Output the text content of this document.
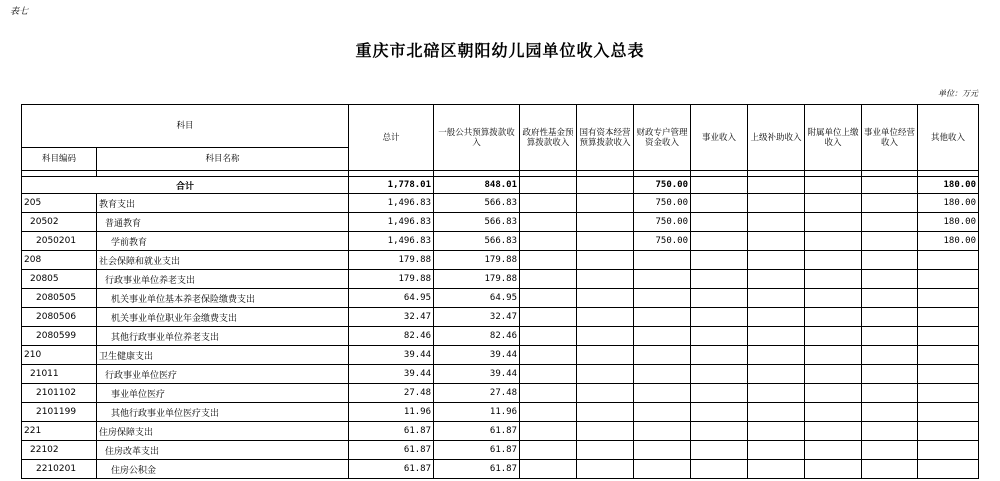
表七
重庆市北碚区朝阳幼儿园单位收入总表
单位：万元
科目		总计	一般公共预算拨款收入	政府性基金预算拨款收入	国有资本经营预算拨款收入	财政专户管理资金收入	事业收入	上级补助收入	附属单位上缴收入	事业单位经营收入	其他收入
科目编码	科目名称										

合计		1,778.01	848.01			750.00					180.00
205	教育支出	1,496.83	566.83			750.00					180.00
20502	普通教育	1,496.83	566.83			750.00					180.00
2050201	学前教育	1,496.83	566.83			750.00					180.00
208	社会保障和就业支出	179.88	179.88								
20805	行政事业单位养老支出	179.88	179.88								
2080505	机关事业单位基本养老保险缴费支出	64.95	64.95								
2080506	机关事业单位职业年金缴费支出	32.47	32.47								
2080599	其他行政事业单位养老支出	82.46	82.46								
210	卫生健康支出	39.44	39.44								
21011	行政事业单位医疗	39.44	39.44								
2101102	事业单位医疗	27.48	27.48								
2101199	其他行政事业单位医疗支出	11.96	11.96								
221	住房保障支出	61.87	61.87								
22102	住房改革支出	61.87	61.87								
2210201	住房公积金	61.87	61.87								
